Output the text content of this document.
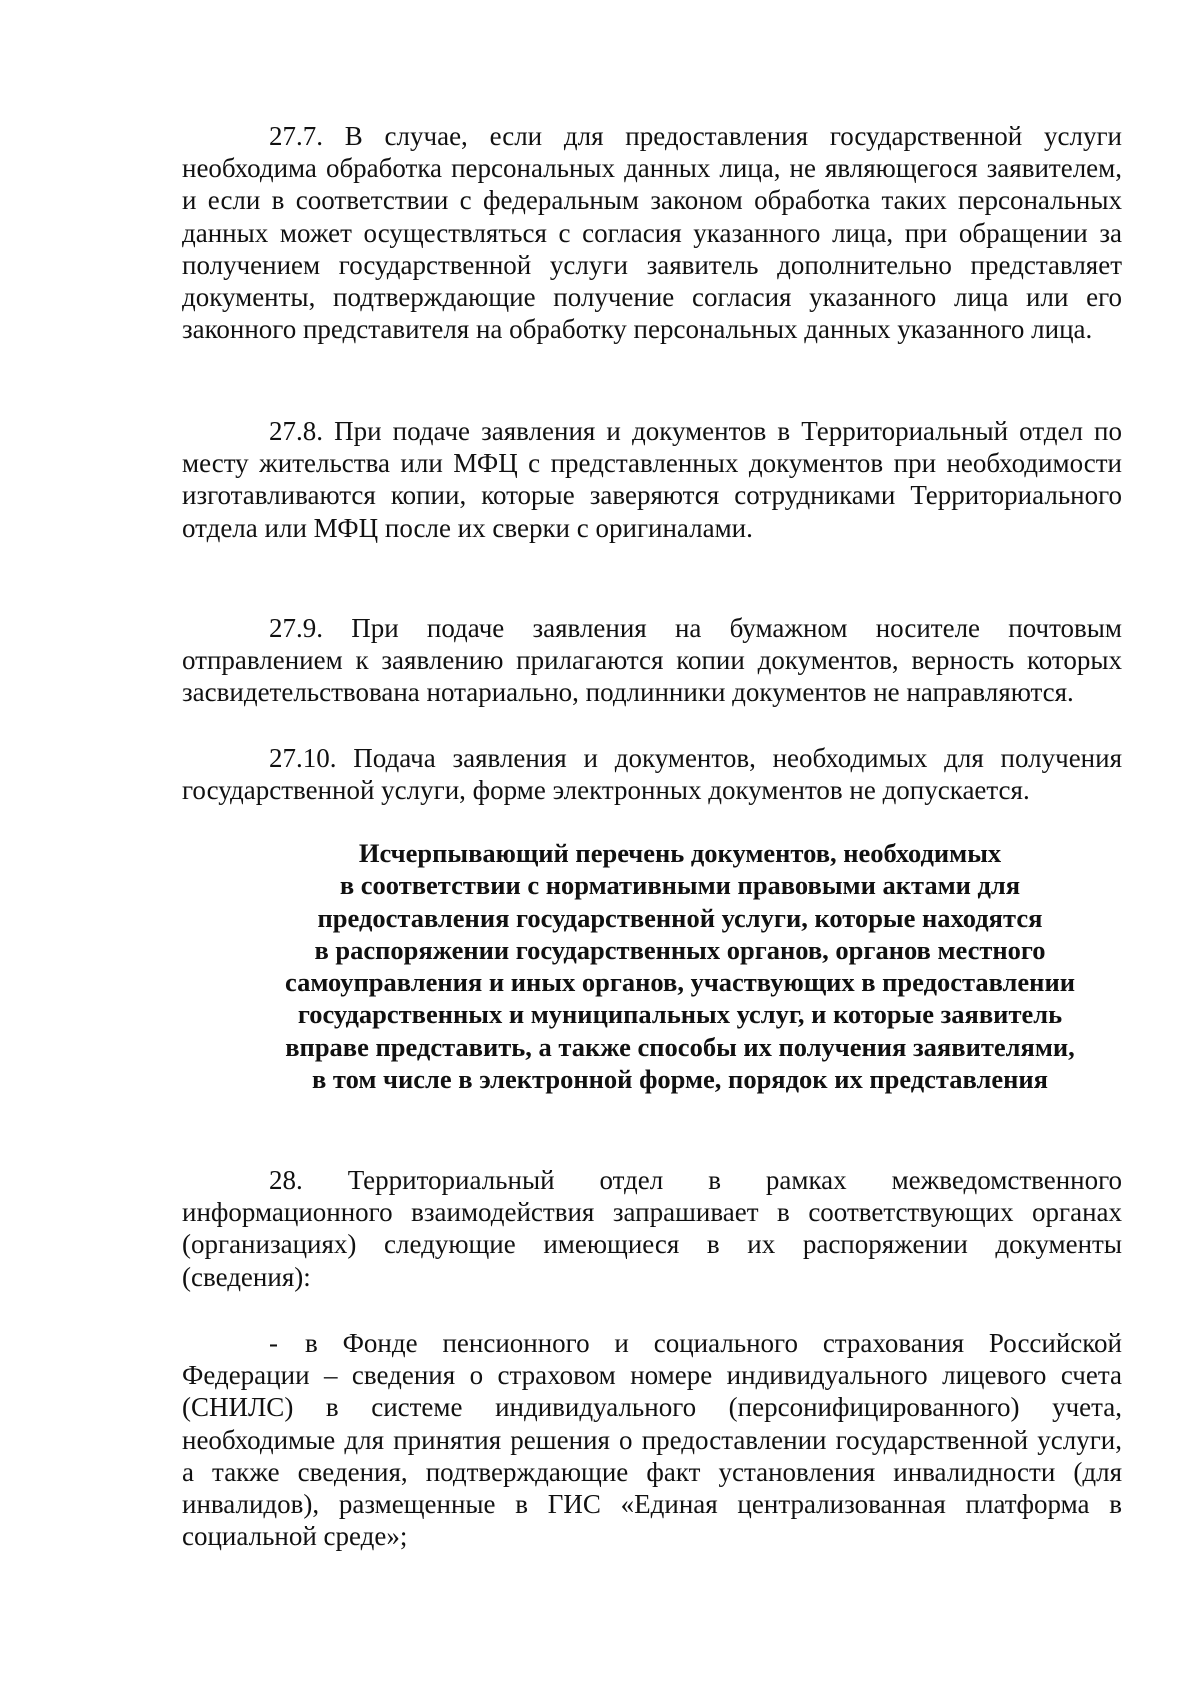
27.7. В случае, если для предоставления государственной услуги необходима обработка персональных данных лица, не являющегося заявителем, и если в соответствии с федеральным законом обработка таких персональных данных может осуществляться с согласия указанного лица, при обращении за получением государственной услуги заявитель дополнительно представляет документы, подтверждающие получение согласия указанного лица или его законного представителя на обработку персональных данных указанного лица.

27.8. При подаче заявления и документов в Территориальный отдел по месту жительства или МФЦ с представленных документов при необходимости изготавливаются копии, которые заверяются сотрудниками Территориального отдела или МФЦ после их сверки с оригиналами.

27.9. При подаче заявления на бумажном носителе почтовым отправлением к заявлению прилагаются копии документов, верность которых засвидетельствована нотариально, подлинники документов не направляются.

27.10. Подача заявления и документов, необходимых для получения государственной услуги, форме электронных документов не допускается.

Исчерпывающий перечень документов, необходимых
в соответствии с нормативными правовыми актами для
предоставления государственной услуги, которые находятся
в распоряжении государственных органов, органов местного
самоуправления и иных органов, участвующих в предоставлении
государственных и муниципальных услуг, и которые заявитель
вправе представить, а также способы их получения заявителями,
в том числе в электронной форме, порядок их представления

28. Территориальный отдел в рамках межведомственного информационного взаимодействия запрашивает в соответствующих органах (организациях) следующие имеющиеся в их распоряжении документы (сведения):

- в Фонде пенсионного и социального страхования Российской Федерации – сведения о страховом номере индивидуального лицевого счета (СНИЛС) в системе индивидуального (персонифицированного) учета, необходимые для принятия решения о предоставлении государственной услуги, а также сведения, подтверждающие факт установления инвалидности (для инвалидов), размещенные в ГИС «Единая централизованная платформа в социальной среде»;
